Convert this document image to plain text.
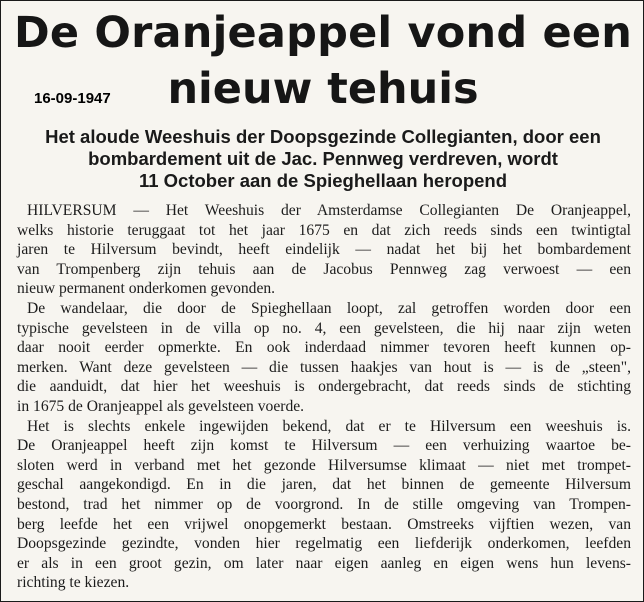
De Oranjeappel vond een
16-09-1947 nieuw tehuis
Het aloude Weeshuis der Doopsgezinde Collegianten, door een
bombardement uit de Jac. Pennweg verdreven, wordt
11 October aan de Spieghellaan heropend

HILVERSUM — Het Weeshuis der Amsterdamse Collegianten De Oranjeappel,
welks historie teruggaat tot het jaar 1675 en dat zich reeds sinds een twintigtal
jaren te Hilversum bevindt, heeft eindelijk — nadat het bij het bombardement
van Trompenberg zijn tehuis aan de Jacobus Pennweg zag verwoest — een
nieuw permanent onderkomen gevonden.

De wandelaar, die door de Spieghellaan loopt, zal getroffen worden door een
typische gevelsteen in de villa op no. 4, een gevelsteen, die hij naar zijn weten
daar nooit eerder opmerkte. En ook inderdaad nimmer tevoren heeft kunnen op-
merken. Want deze gevelsteen — die tussen haakjes van hout is — is de „steen",
die aanduidt, dat hier het weeshuis is ondergebracht, dat reeds sinds de stichting
in 1675 de Oranjeappel als gevelsteen voerde.

Het is slechts enkele ingewijden bekend, dat er te Hilversum een weeshuis is.
De Oranjeappel heeft zijn komst te Hilversum — een verhuizing waartoe be-
sloten werd in verband met het gezonde Hilversumse klimaat — niet met trompet-
geschal aangekondigd. En in die jaren, dat het binnen de gemeente Hilversum
bestond, trad het nimmer op de voorgrond. In de stille omgeving van Trompen-
berg leefde het een vrijwel onopgemerkt bestaan. Omstreeks vijftien wezen, van
Doopsgezinde gezindte, vonden hier regelmatig een liefderijk onderkomen, leefden
er als in een groot gezin, om later naar eigen aanleg en eigen wens hun levens-
richting te kiezen.
